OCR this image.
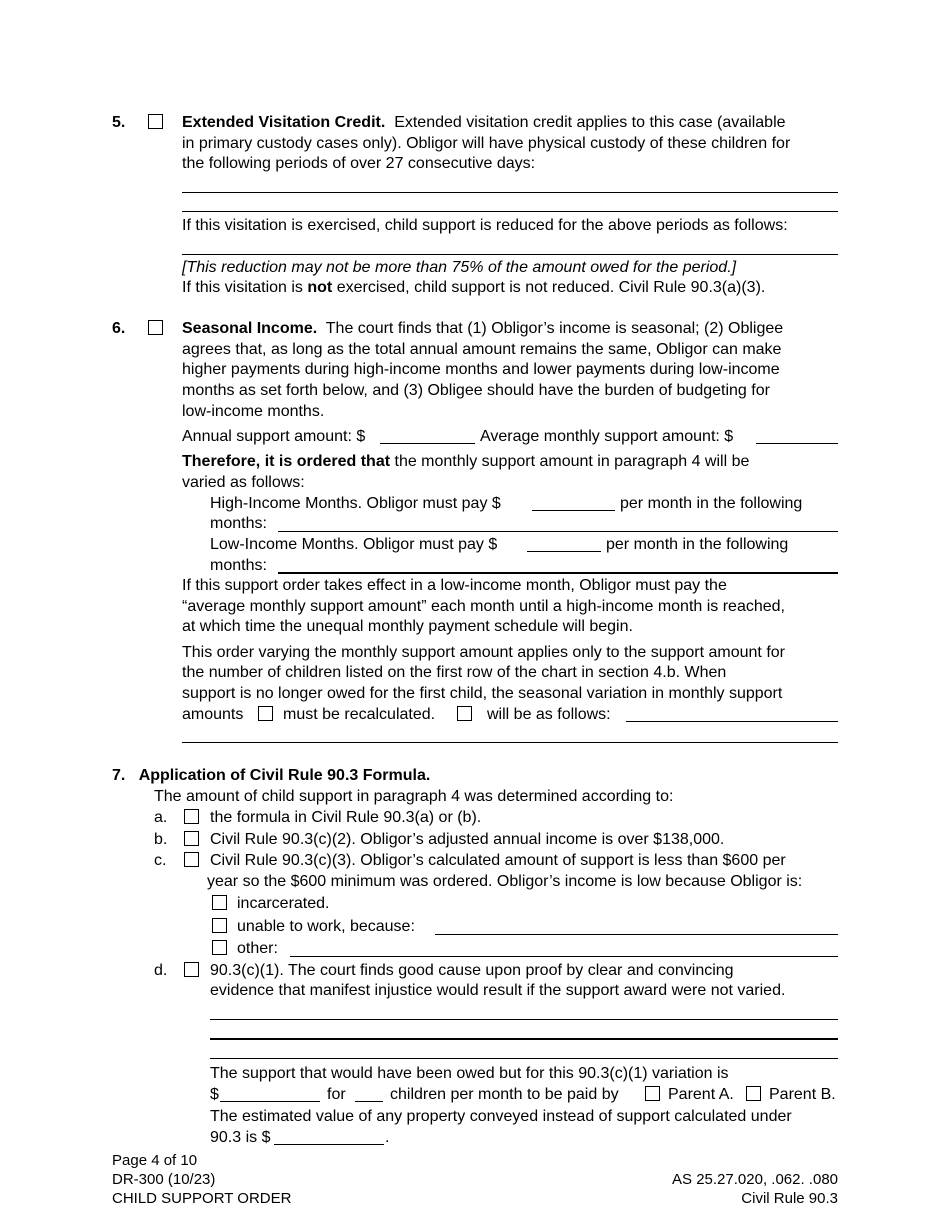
5.	Extended Visitation Credit. Extended visitation credit applies to this case (available
in primary custody cases only). Obligor will have physical custody of these children for
the following periods of over 27 consecutive days:
If this visitation is exercised, child support is reduced for the above periods as follows:
[This reduction may not be more than 75% of the amount owed for the period.]
If this visitation is not exercised, child support is not reduced. Civil Rule 90.3(a)(3).
6.	Seasonal Income. The court finds that (1) Obligor’s income is seasonal; (2) Obligee
agrees that, as long as the total annual amount remains the same, Obligor can make
higher payments during high-income months and lower payments during low-income
months as set forth below, and (3) Obligee should have the burden of budgeting for
low-income months.
Annual support amount: $	Average monthly support amount: $
Therefore, it is ordered that the monthly support amount in paragraph 4 will be
varied as follows:
High-Income Months. Obligor must pay $	per month in the following
months:
Low-Income Months. Obligor must pay $	per month in the following
months:
If this support order takes effect in a low-income month, Obligor must pay the
“average monthly support amount” each month until a high-income month is reached,
at which time the unequal monthly payment schedule will begin.
This order varying the monthly support amount applies only to the support amount for
the number of children listed on the first row of the chart in section 4.b. When
support is no longer owed for the first child, the seasonal variation in monthly support
amounts must be recalculated.	will be as follows:
7. Application of Civil Rule 90.3 Formula.
The amount of child support in paragraph 4 was determined according to:
a.	the formula in Civil Rule 90.3(a) or (b).
b.	Civil Rule 90.3(c)(2). Obligor’s adjusted annual income is over $138,000.
c.	Civil Rule 90.3(c)(3). Obligor’s calculated amount of support is less than $600 per
year so the $600 minimum was ordered. Obligor’s income is low because Obligor is:
incarcerated.
unable to work, because:
other:
d.	90.3(c)(1). The court finds good cause upon proof by clear and convincing
evidence that manifest injustice would result if the support award were not varied.
The support that would have been owed but for this 90.3(c)(1) variation is
$	for	children per month to be paid by	Parent A. Parent B.
The estimated value of any property conveyed instead of support calculated under
90.3 is $	.
Page 4 of 10
DR-300 (10/23)
CHILD SUPPORT ORDER
AS 25.27.020, .062. .080
Civil Rule 90.3
